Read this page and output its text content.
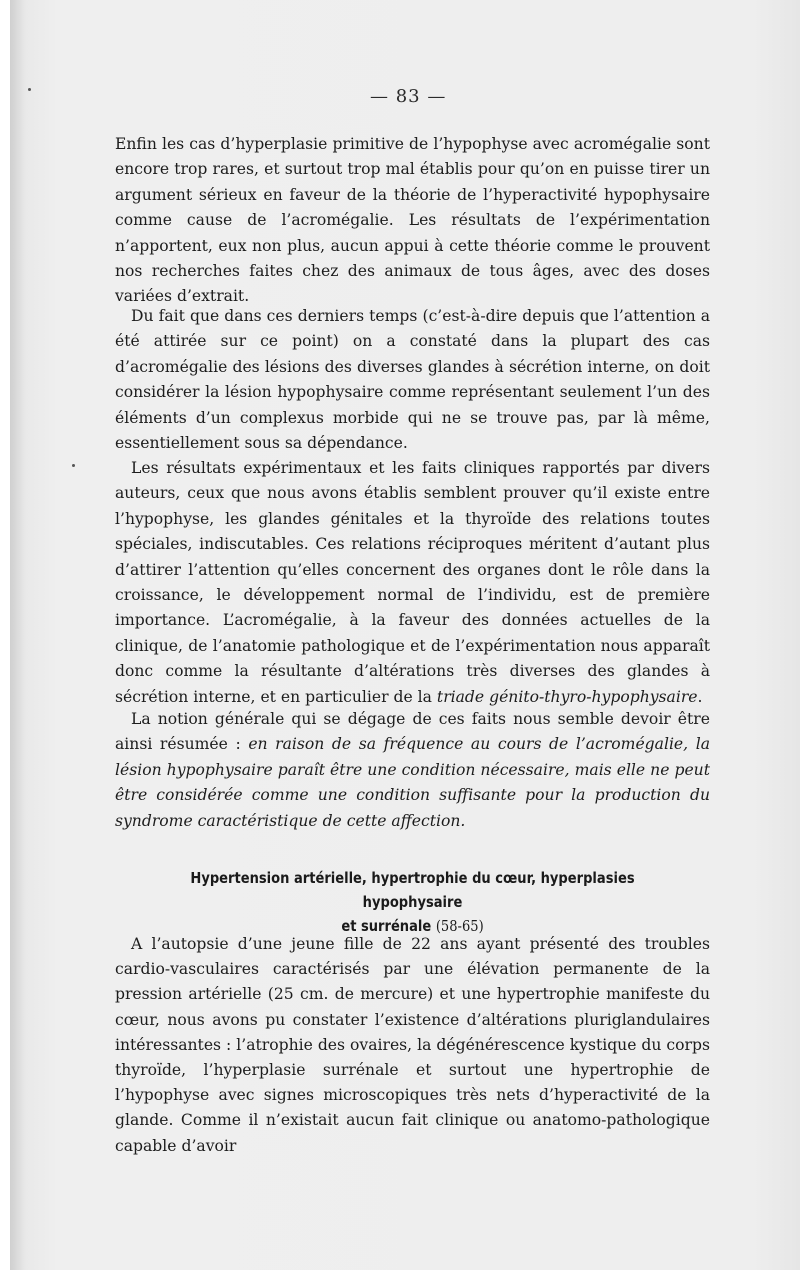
— 83 —

Enfin les cas d’hyperplasie primitive de l’hypophyse avec acromégalie sont encore trop rares, et surtout trop mal établis pour qu’on en puisse tirer un argument sérieux en faveur de la théorie de l’hyperactivité hypophysaire comme cause de l’acromégalie. Les résultats de l’expérimentation n’apportent, eux non plus, aucun appui à cette théorie comme le prouvent nos recherches faites chez des animaux de tous âges, avec des doses variées d’extrait.

Du fait que dans ces derniers temps (c’est-à-dire depuis que l’attention a été attirée sur ce point) on a constaté dans la plupart des cas d’acromégalie des lésions des diverses glandes à sécrétion interne, on doit considérer la lésion hypophysaire comme représentant seulement l’un des éléments d’un complexus morbide qui ne se trouve pas, par là même, essentiellement sous sa dépendance.

Les résultats expérimentaux et les faits cliniques rapportés par divers auteurs, ceux que nous avons établis semblent prouver qu’il existe entre l’hypophyse, les glandes génitales et la thyroïde des relations toutes spéciales, indiscutables. Ces relations réciproques méritent d’autant plus d’attirer l’attention qu’elles concernent des organes dont le rôle dans la croissance, le développement normal de l’individu, est de première importance. L’acromégalie, à la faveur des données actuelles de la clinique, de l’anatomie pathologique et de l’expérimentation nous apparaît donc comme la résultante d’altérations très diverses des glandes à sécrétion interne, et en particulier de la triade génito-thyro-hypophysaire.

La notion générale qui se dégage de ces faits nous semble devoir être ainsi résumée : en raison de sa fréquence au cours de l’acromégalie, la lésion hypophysaire paraît être une condition nécessaire, mais elle ne peut être considérée comme une condition suffisante pour la production du syndrome caractéristique de cette affection.

Hypertension artérielle, hypertrophie du cœur, hyperplasies hypophysaire
et surrénale (58-65)

A l’autopsie d’une jeune fille de 22 ans ayant présenté des troubles cardio-vasculaires caractérisés par une élévation permanente de la pression artérielle (25 cm. de mercure) et une hypertrophie manifeste du cœur, nous avons pu constater l’existence d’altérations pluriglandulaires intéressantes : l’atrophie des ovaires, la dégénérescence kystique du corps thyroïde, l’hyperplasie surrénale et surtout une hypertrophie de l’hypophyse avec signes microscopiques très nets d’hyperactivité de la glande. Comme il n’existait aucun fait clinique ou anatomo-pathologique capable d’avoir
